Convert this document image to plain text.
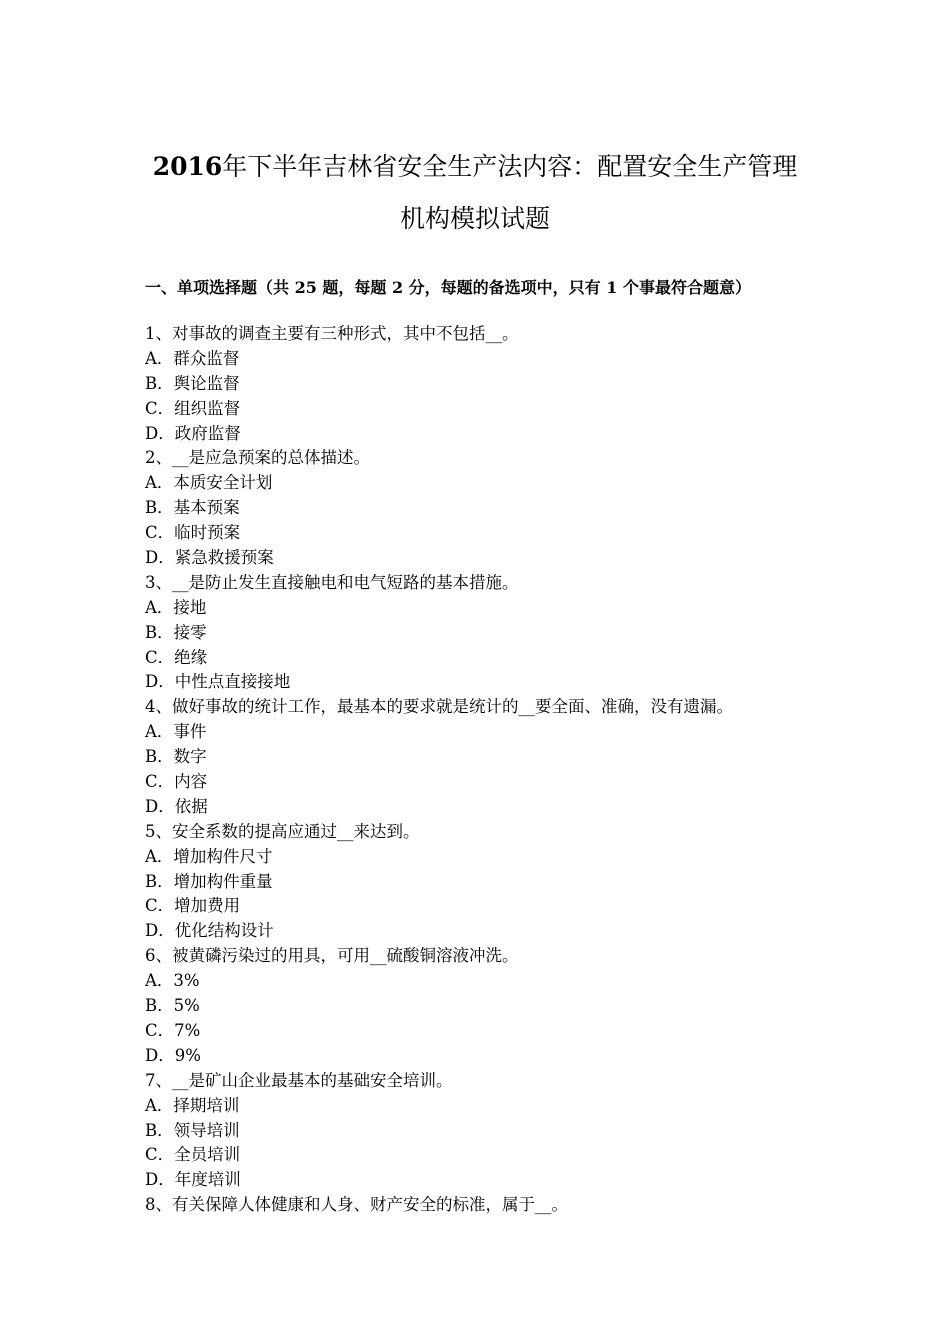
2016年下半年吉林省安全生产法内容：配置安全生产管理
机构模拟试题

一、单项选择题（共 25 题，每题 2 分，每题的备选项中，只有 1 个事最符合题意）

1、对事故的调查主要有三种形式，其中不包括__。
A．群众监督
B．舆论监督
C．组织监督
D．政府监督
2、__是应急预案的总体描述。
A．本质安全计划
B．基本预案
C．临时预案
D．紧急救援预案
3、__是防止发生直接触电和电气短路的基本措施。
A．接地
B．接零
C．绝缘
D．中性点直接接地
4、做好事故的统计工作，最基本的要求就是统计的__要全面、准确，没有遗漏。
A．事件
B．数字
C．内容
D．依据
5、安全系数的提高应通过__来达到。
A．增加构件尺寸
B．增加构件重量
C．增加费用
D．优化结构设计
6、被黄磷污染过的用具，可用__硫酸铜溶液冲洗。
A．3%
B．5%
C．7%
D．9%
7、__是矿山企业最基本的基础安全培训。
A．择期培训
B．领导培训
C．全员培训
D．年度培训
8、有关保障人体健康和人身、财产安全的标准，属于__。
